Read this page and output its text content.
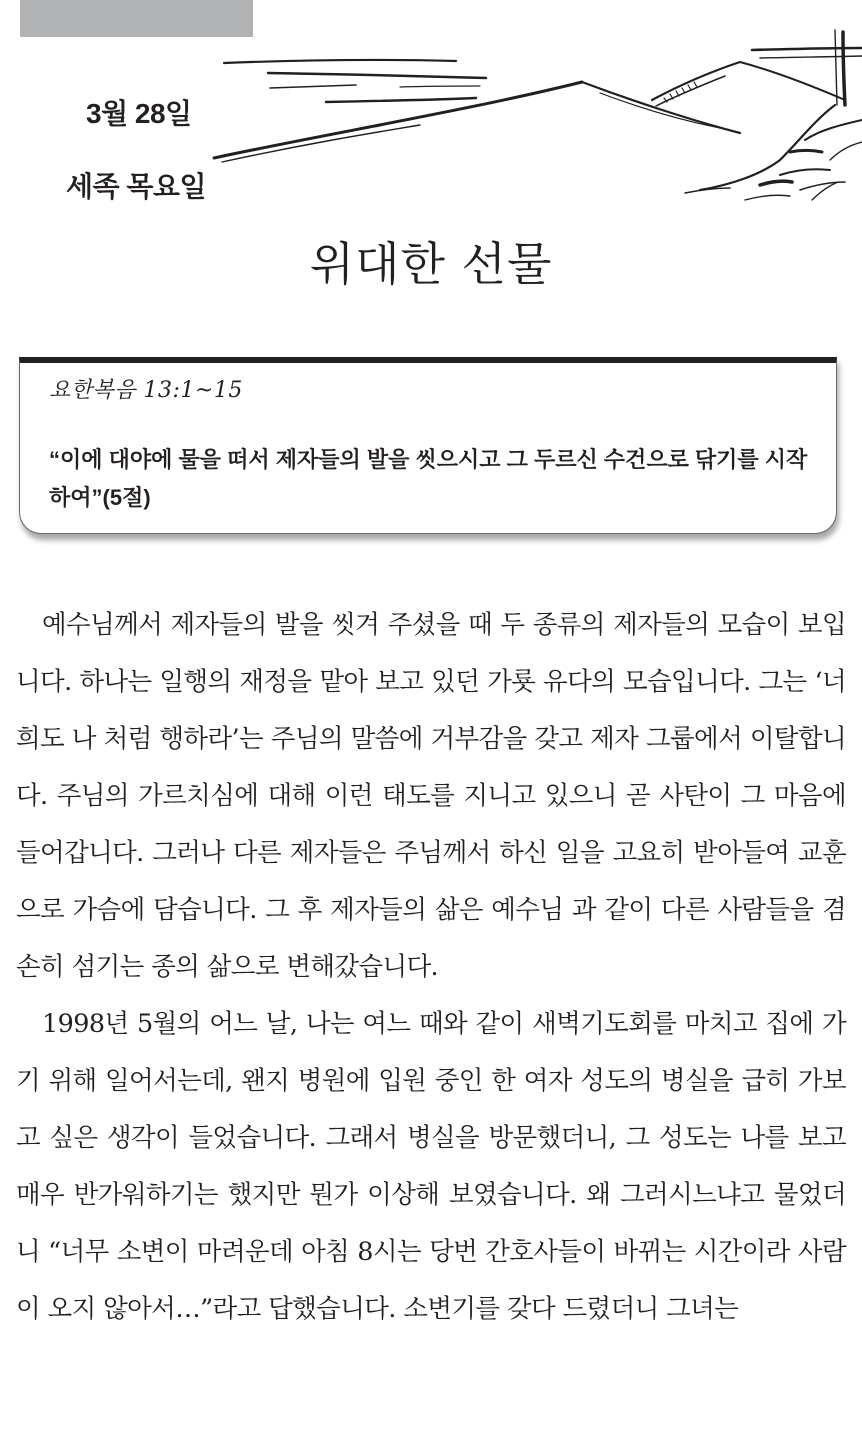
3월 28일
세족 목요일
위대한 선물
요한복음 13:1~15

“이에 대야에 물을 떠서 제자들의 발을 씻으시고 그 두르신 수건으로 닦기를 시작하여”(5절)

예수님께서 제자들의 발을 씻겨 주셨을 때 두 종류의 제자들의 모습이 보입니다. 하나는 일행의 재정을 맡아 보고 있던 가룟 유다의 모습입니다. 그는 ‘너희도 나 처럼 행하라’는 주님의 말씀에 거부감을 갖고 제자 그룹에서 이탈합니다. 주님의 가르치심에 대해 이런 태도를 지니고 있으니 곧 사탄이 그 마음에 들어갑니다. 그러나 다른 제자들은 주님께서 하신 일을 고요히 받아들여 교훈으로 가슴에 담습니다. 그 후 제자들의 삶은 예수님 과 같이 다른 사람들을 겸손히 섬기는 종의 삶으로 변해갔습니다.

1998년 5월의 어느 날, 나는 여느 때와 같이 새벽기도회를 마치고 집에 가기 위해 일어서는데, 왠지 병원에 입원 중인 한 여자 성도의 병실을 급히 가보고 싶은 생각이 들었습니다. 그래서 병실을 방문했더니, 그 성도는 나를 보고 매우 반가워하기는 했지만 뭔가 이상해 보였습니다. 왜 그러시느냐고 물었더니 “너무 소변이 마려운데 아침 8시는 당번 간호사들이 바뀌는 시간이라 사람이 오지 않아서…”라고 답했습니다. 소변기를 갖다 드렸더니 그녀는
